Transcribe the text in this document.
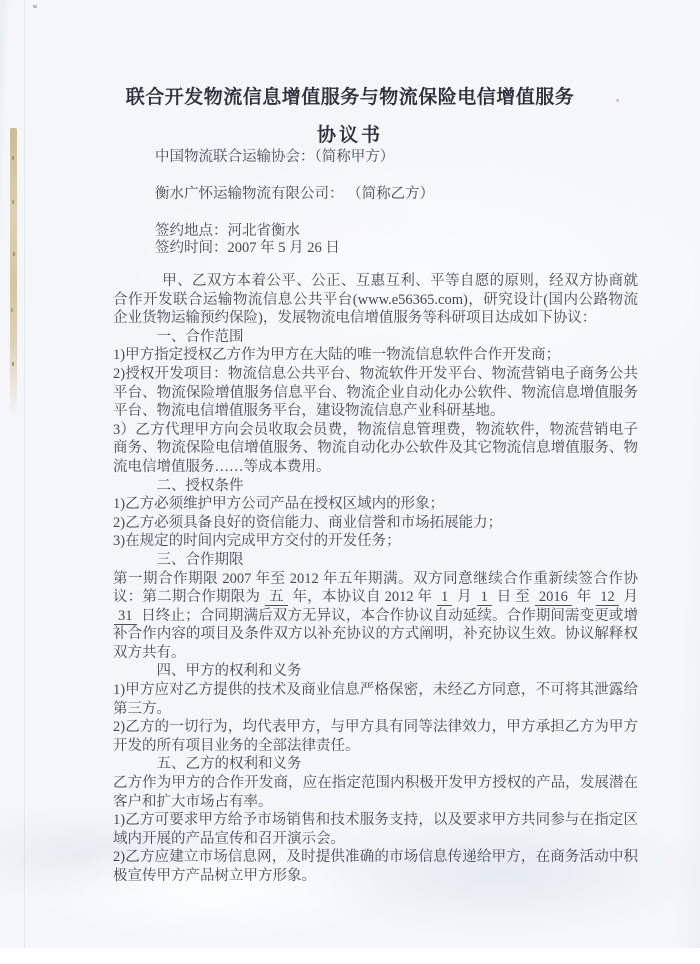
联合开发物流信息增值服务与物流保险电信增值服务
协议书

中国物流联合运输协会：（简称甲方）

衡水广怀运输物流有限公司： （简称乙方）

签约地点：河北省衡水

签约时间：2007 年 5 月 26 日

甲、乙双方本着公平、公正、互惠互利、平等自愿的原则，经双方协商就合作开发联合运输物流信息公共平台(www.e56365.com)，研究设计(国内公路物流企业货物运输预约保险)，发展物流电信增值服务等科研项目达成如下协议：

一、合作范围

1)甲方指定授权乙方作为甲方在大陆的唯一物流信息软件合作开发商；

2)授权开发项目：物流信息公共平台、物流软件开发平台、物流营销电子商务公共平台、物流保险增值服务信息平台、物流企业自动化办公软件、物流信息增值服务平台、物流电信增值服务平台，建设物流信息产业科研基地。

3）乙方代理甲方向会员收取会员费，物流信息管理费，物流软件，物流营销电子商务、物流保险电信增值服务、物流自动化办公软件及其它物流信息增值服务、物流电信增值服务……等成本费用。

二、授权条件

1)乙方必须维护甲方公司产品在授权区域内的形象；

2)乙方必须具备良好的资信能力、商业信誉和市场拓展能力；

3)在规定的时间内完成甲方交付的开发任务；

三、合作期限

第一期合作期限 2007 年至 2012 年五年期满。双方同意继续合作重新续签合作协议：第二期合作期限为 五 年，本协议自 2012 年 1 月 1 日 至 2016 年 12 月 31 日终止；合同期满后双方无异议，本合作协议自动延续。合作期间需变更或增补合作内容的项目及条件双方以补充协议的方式阐明，补充协议生效。协议解释权双方共有。

四、甲方的权利和义务

1)甲方应对乙方提供的技术及商业信息严格保密，未经乙方同意，不可将其泄露给第三方。

2)乙方的一切行为，均代表甲方，与甲方具有同等法律效力，甲方承担乙方为甲方开发的所有项目业务的全部法律责任。

五、乙方的权利和义务

乙方作为甲方的合作开发商，应在指定范围内积极开发甲方授权的产品，发展潜在客户和扩大市场占有率。

1)乙方可要求甲方给予市场销售和技术服务支持，以及要求甲方共同参与在指定区域内开展的产品宣传和召开演示会。

2)乙方应建立市场信息网，及时提供准确的市场信息传递给甲方，在商务活动中积极宣传甲方产品树立甲方形象。
